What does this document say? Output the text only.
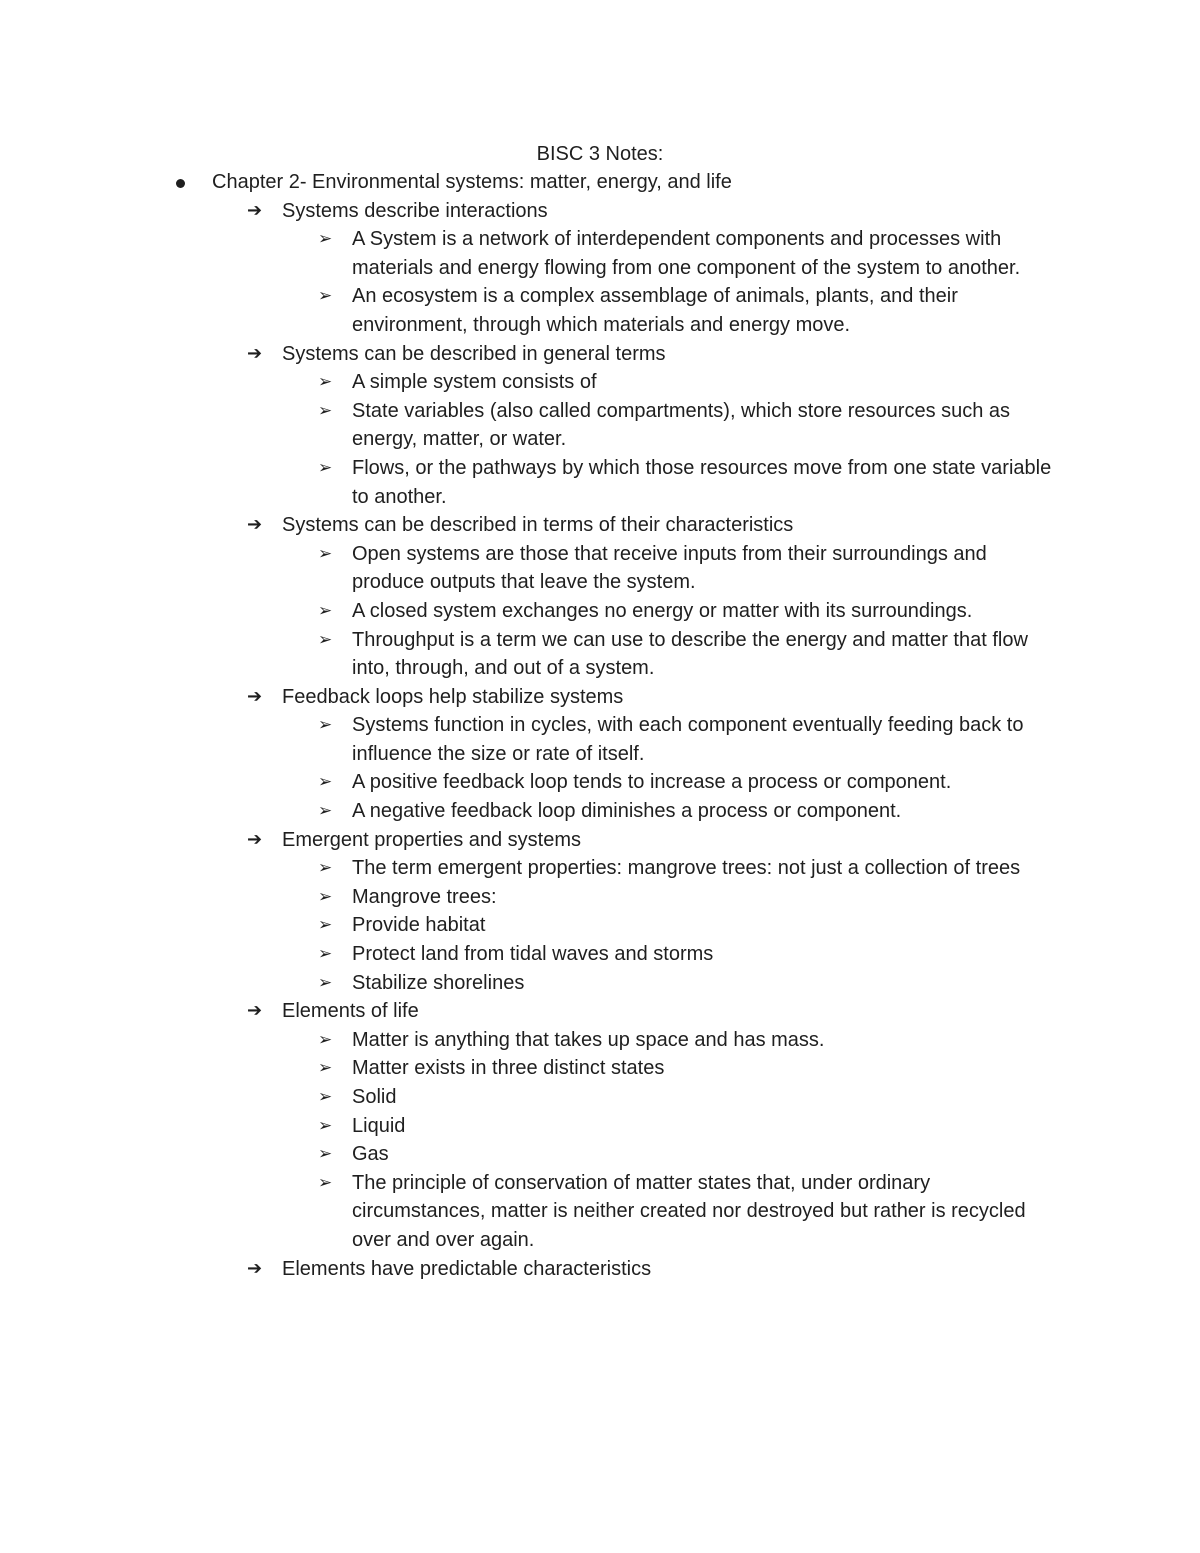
BISC 3 Notes:
Chapter 2- Environmental systems: matter, energy, and life
➔ Systems describe interactions
➢ A System is a network of interdependent components and processes with materials and energy flowing from one component of the system to another.
➢ An ecosystem is a complex assemblage of animals, plants, and their environment, through which materials and energy move.
➔ Systems can be described in general terms
➢ A simple system consists of
➢ State variables (also called compartments), which store resources such as energy, matter, or water.
➢ Flows, or the pathways by which those resources move from one state variable to another.
➔ Systems can be described in terms of their characteristics
➢ Open systems are those that receive inputs from their surroundings and produce outputs that leave the system.
➢ A closed system exchanges no energy or matter with its surroundings.
➢ Throughput is a term we can use to describe the energy and matter that flow into, through, and out of a system.
➔ Feedback loops help stabilize systems
➢ Systems function in cycles, with each component eventually feeding back to influence the size or rate of itself.
➢ A positive feedback loop tends to increase a process or component.
➢ A negative feedback loop diminishes a process or component.
➔ Emergent properties and systems
➢ The term emergent properties: mangrove trees: not just a collection of trees
➢ Mangrove trees:
➢ Provide habitat
➢ Protect land from tidal waves and storms
➢ Stabilize shorelines
➔ Elements of life
➢ Matter is anything that takes up space and has mass.
➢ Matter exists in three distinct states
➢ Solid
➢ Liquid
➢ Gas
➢ The principle of conservation of matter states that, under ordinary circumstances, matter is neither created nor destroyed but rather is recycled over and over again.
➔ Elements have predictable characteristics
